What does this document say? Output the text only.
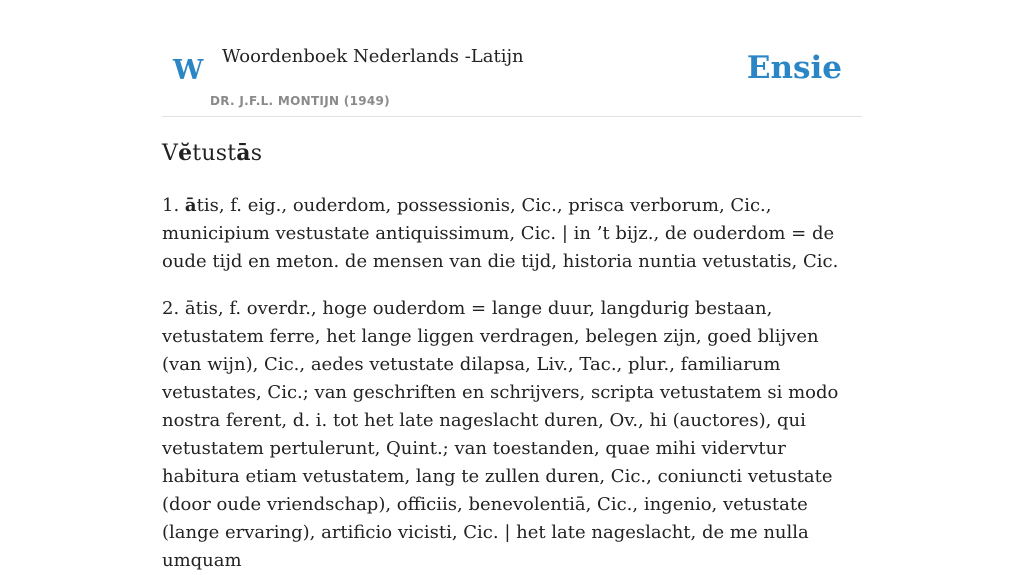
W Woordenboek Nederlands -Latijn
DR. J.F.L. MONTIJN (1949)
Ensie
Vĕtustās

1. ātis, f. eig., ouderdom, possessionis, Cic., prisca verborum, Cic., municipium vestustate antiquissimum, Cic. | in ’t bijz., de ouderdom = de oude tijd en meton. de mensen van die tijd, historia nuntia vetustatis, Cic.

2. ātis, f. overdr., hoge ouderdom = lange duur, langdurig bestaan, vetustatem ferre, het lange liggen verdragen, belegen zijn, goed blijven (van wijn), Cic., aedes vetustate dilapsa, Liv., Tac., plur., familiarum vetustates, Cic.; van geschriften en schrijvers, scripta vetustatem si modo nostra ferent, d. i. tot het late nageslacht duren, Ov., hi (auctores), qui vetustatem pertulerunt, Quint.; van toestanden, quae mihi vidervtur habitura etiam vetustatem, lang te zullen duren, Cic., coniuncti vetustate (door oude vriendschap), officiis, benevolentiā, Cic., ingenio, vetustate (lange ervaring), artificio vicisti, Cic. | het late nageslacht, de me nulla umquam
